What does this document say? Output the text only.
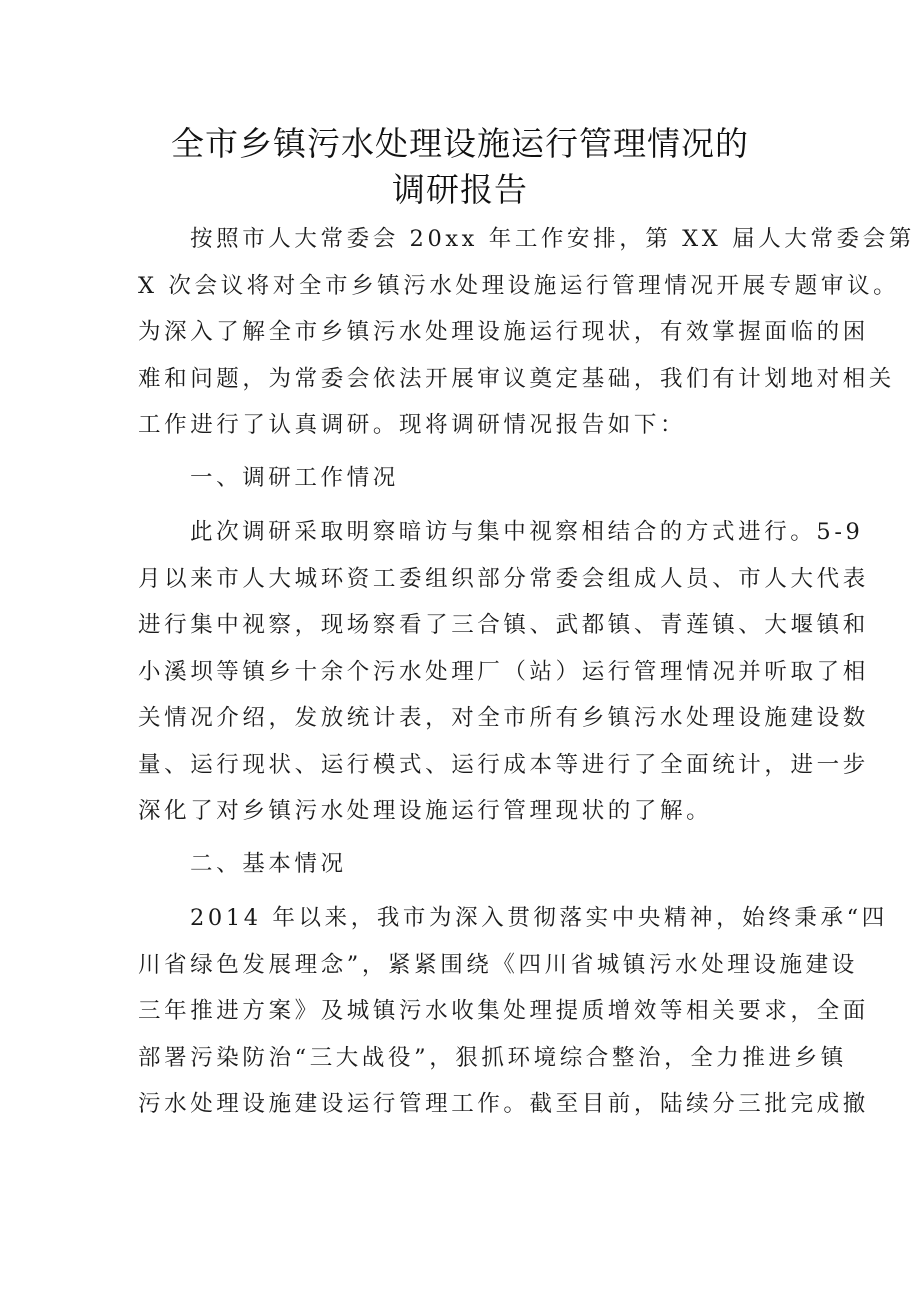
全市乡镇污水处理设施运行管理情况的
调研报告
按照市人大常委会 20xx 年工作安排，第 XX 届人大常委会第
X 次会议将对全市乡镇污水处理设施运行管理情况开展专题审议。
为深入了解全市乡镇污水处理设施运行现状，有效掌握面临的困
难和问题，为常委会依法开展审议奠定基础，我们有计划地对相关
工作进行了认真调研。现将调研情况报告如下：
一、调研工作情况
此次调研采取明察暗访与集中视察相结合的方式进行。5-9
月以来市人大城环资工委组织部分常委会组成人员、市人大代表
进行集中视察，现场察看了三合镇、武都镇、青莲镇、大堰镇和
小溪坝等镇乡十余个污水处理厂（站）运行管理情况并听取了相
关情况介绍，发放统计表，对全市所有乡镇污水处理设施建设数
量、运行现状、运行模式、运行成本等进行了全面统计，进一步
深化了对乡镇污水处理设施运行管理现状的了解。
二、基本情况
2014 年以来，我市为深入贯彻落实中央精神，始终秉承“四
川省绿色发展理念”，紧紧围绕《四川省城镇污水处理设施建设
三年推进方案》及城镇污水收集处理提质增效等相关要求，全面
部署污染防治“三大战役”，狠抓环境综合整治，全力推进乡镇
污水处理设施建设运行管理工作。截至目前，陆续分三批完成撤
